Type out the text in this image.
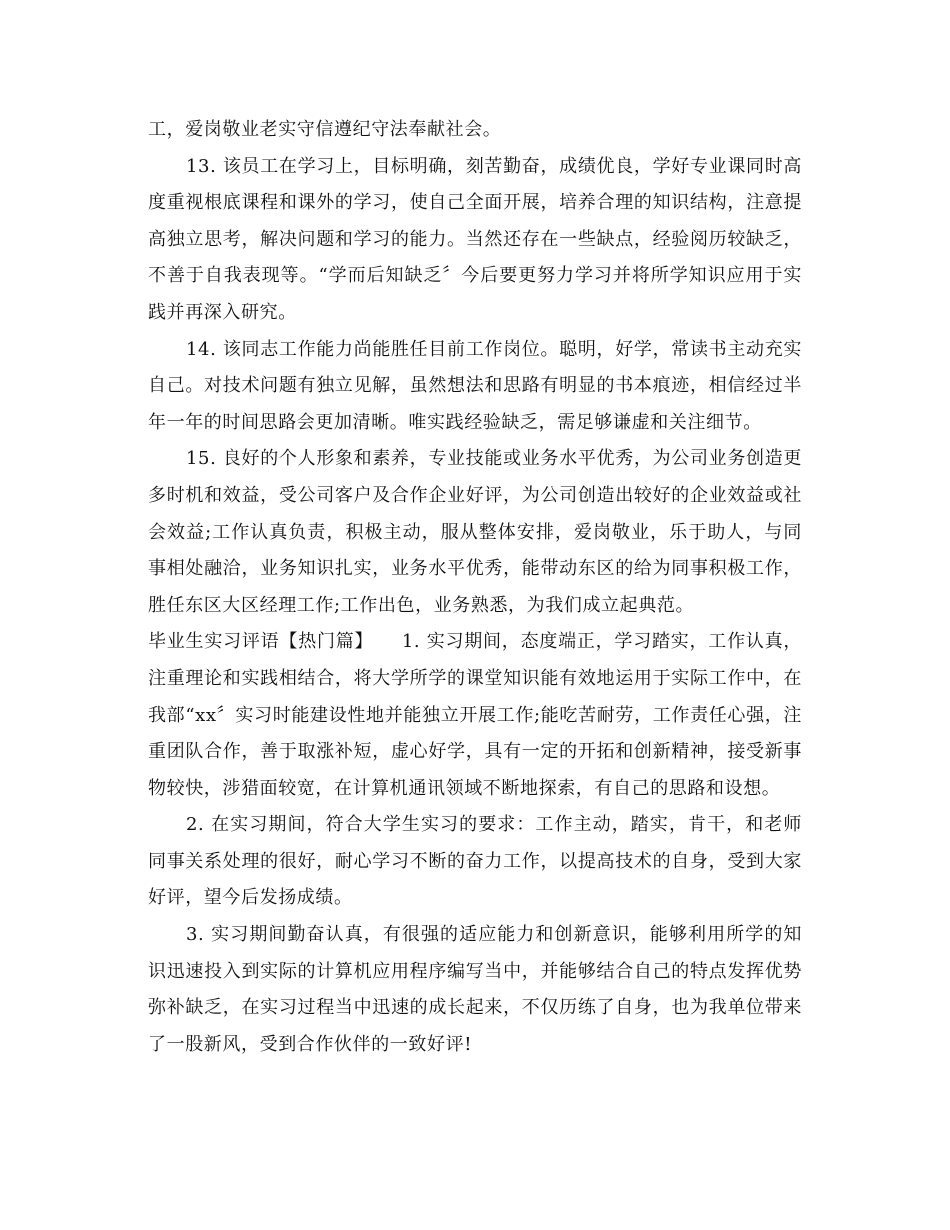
工，爱岗敬业老实守信遵纪守法奉献社会。

13. 该员工在学习上，目标明确，刻苦勤奋，成绩优良，学好专业课同时高度重视根底课程和课外的学习，使自己全面开展，培养合理的知识结构，注意提高独立思考，解决问题和学习的能力。当然还存在一些缺点，经验阅历较缺乏，不善于自我表现等。“学而后知缺乏〞今后要更努力学习并将所学知识应用于实践并再深入研究。

14. 该同志工作能力尚能胜任目前工作岗位。聪明，好学，常读书主动充实自己。对技术问题有独立见解，虽然想法和思路有明显的书本痕迹，相信经过半年一年的时间思路会更加清晰。唯实践经验缺乏，需足够谦虚和关注细节。

15. 良好的个人形象和素养，专业技能或业务水平优秀，为公司业务创造更多时机和效益，受公司客户及合作企业好评，为公司创造出较好的企业效益或社会效益;工作认真负责，积极主动，服从整体安排，爱岗敬业，乐于助人，与同事相处融洽，业务知识扎实，业务水平优秀，能带动东区的给为同事积极工作，胜任东区大区经理工作;工作出色，业务熟悉，为我们成立起典范。

毕业生实习评语【热门篇】　　1. 实习期间，态度端正，学习踏实，工作认真，注重理论和实践相结合，将大学所学的课堂知识能有效地运用于实际工作中，在我部“xx〞实习时能建设性地并能独立开展工作;能吃苦耐劳，工作责任心强，注重团队合作，善于取涨补短，虚心好学，具有一定的开拓和创新精神，接受新事物较快，涉猎面较宽，在计算机通讯领域不断地探索，有自己的思路和设想。

2. 在实习期间，符合大学生实习的要求：工作主动，踏实，肯干，和老师同事关系处理的很好，耐心学习不断的奋力工作，以提高技术的自身，受到大家好评，望今后发扬成绩。

3. 实习期间勤奋认真，有很强的适应能力和创新意识，能够利用所学的知识迅速投入到实际的计算机应用程序编写当中，并能够结合自己的特点发挥优势弥补缺乏，在实习过程当中迅速的成长起来，不仅历练了自身，也为我单位带来了一股新风，受到合作伙伴的一致好评!
